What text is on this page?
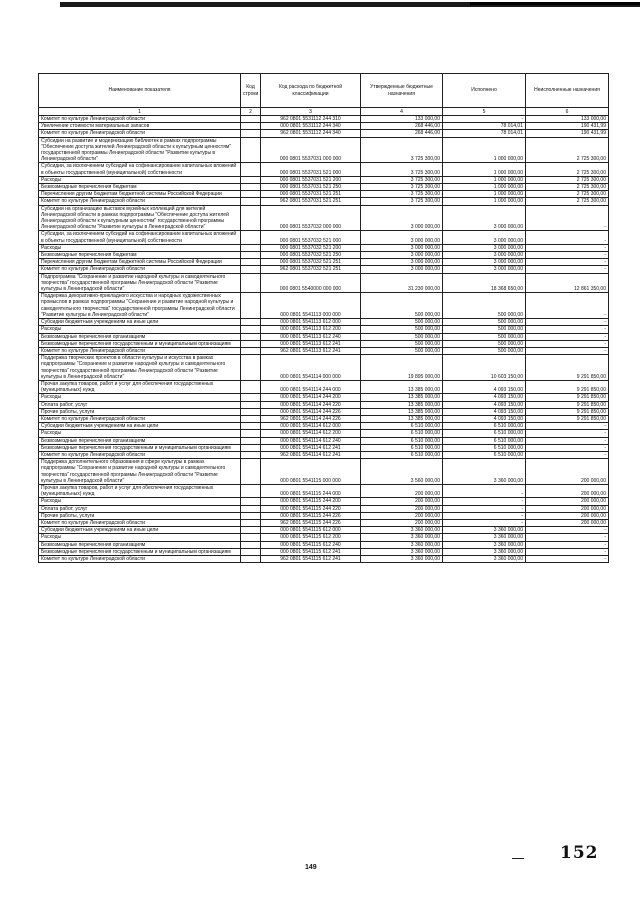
Наименование показателя	Код строки	Код расхода по бюджетной классификации	Утвержденные бюджетные назначения	Исполнено	Неисполненные назначения
1	2	3	4	5	6
Комитет по культуре Ленинградской области		962 0801 5531112 244 310	133 000,00	-	133 000,00
Увеличение стоимости материальных запасов		000 0801 5531112 244 340	268 446,00	78 014,01	190 431,99
Комитет по культуре Ленинградской области		962 0801 5531112 244 340	268 446,00	78 014,01	190 431,99
Субсидии на развитие и модернизацию библиотек в рамках подпрограммы "Обеспечение доступа жителей Ленинградской области к культурным ценностям" государственной программы Ленинградской области "Развитие культуры в Ленинградской области"		000 0801 5537031 000 000	3 725 300,00	1 000 000,00	2 725 300,00
Субсидии, за исключением субсидий на софинансирование капитальных вложений в объекты государственной (муниципальной) собственности		000 0801 5537031 521 000	3 725 300,00	1 000 000,00	2 725 300,00
Расходы		000 0801 5537031 521 200	3 725 300,00	1 000 000,00	2 725 300,00
Безвозмездные перечисления бюджетам		000 0801 5537031 521 250	3 725 300,00	1 000 000,00	2 725 300,00
Перечисления другим бюджетам бюджетной системы Российской Федерации		000 0801 5537031 521 251	3 725 300,00	1 000 000,00	2 725 300,00
Комитет по культуре Ленинградской области		962 0801 5537031 521 251	3 725 300,00	1 000 000,00	2 725 300,00
Субсидии на организацию выставок музейных коллекций для жителей Ленинградской области в рамках подпрограммы "Обеспечение доступа жителей Ленинградской области к культурным ценностям" государственной программы Ленинградской области "Развитие культуры в Ленинградской области"		000 0801 5537032 000 000	3 000 000,00	3 000 000,00	-
Субсидии, за исключением субсидий на софинансирование капитальных вложений в объекты государственной (муниципальной) собственности		000 0801 5537032 521 000	3 000 000,00	3 000 000,00	-
Расходы		000 0801 5537032 521 200	3 000 000,00	3 000 000,00	-
Безвозмездные перечисления бюджетам		000 0801 5537032 521 250	3 000 000,00	3 000 000,00	-
Перечисления другим бюджетам бюджетной системы Российской Федерации		000 0801 5537032 521 251	3 000 000,00	3 000 000,00	-
Комитет по культуре Ленинградской области		962 0801 5537032 521 251	3 000 000,00	3 000 000,00	-
Подпрограмма "Сохранение и развитие народной культуры и самодеятельного творчества" государственной программы Ленинградской области "Развитие культуры в Ленинградской области"		000 0801 5540000 000 000	31 230 000,00	18 368 650,00	12 861 350,00
Поддержка декоративно-прикладного искусства и народных художественных промыслов в рамках подпрограммы "Сохранение и развитие народной культуры и самодеятельного творчества" государственной программы Ленинградской области "Развитие культуры в Ленинградской области"		000 0801 5541113 000 000	500 000,00	500 000,00	-
Субсидии бюджетным учреждениям на иные цели		000 0801 5541113 612 000	500 000,00	500 000,00	-
Расходы		000 0801 5541113 612 200	500 000,00	500 000,00	-
Безвозмездные перечисления организациям		000 0801 5541113 612 240	500 000,00	500 000,00	-
Безвозмездные перечисления государственным и муниципальным организациям		000 0801 5541113 612 241	500 000,00	500 000,00	-
Комитет по культуре Ленинградской области		962 0801 5541113 612 241	500 000,00	500 000,00	-
Поддержка творческих проектов в области культуры и искусства в рамках подпрограммы "Сохранение и развитие народной культуры и самодеятельного творчества" государственной программы Ленинградской области "Развитие культуры в Ленинградской области"		000 0801 5541114 000 000	19 895 000,00	10 603 150,00	9 291 850,00
Прочая закупка товаров, работ и услуг для обеспечения государственных (муниципальных) нужд		000 0801 5541114 244 000	13 385 000,00	4 093 150,00	9 291 850,00
Расходы		000 0801 5541114 244 200	13 385 000,00	4 093 150,00	9 291 850,00
Оплата работ, услуг		000 0801 5541114 244 220	13 385 000,00	4 093 150,00	9 291 850,00
Прочие работы, услуги		000 0801 5541114 244 226	13 385 000,00	4 093 150,00	9 291 850,00
Комитет по культуре Ленинградской области		962 0801 5541114 244 226	13 385 000,00	4 093 150,00	9 291 850,00
Субсидии бюджетным учреждениям на иные цели		000 0801 5541114 612 000	6 510 000,00	6 510 000,00	-
Расходы		000 0801 5541114 612 200	6 510 000,00	6 510 000,00	-
Безвозмездные перечисления организациям		000 0801 5541114 612 240	6 510 000,00	6 510 000,00	-
Безвозмездные перечисления государственным и муниципальным организациям		000 0801 5541114 612 241	6 510 000,00	6 510 000,00	-
Комитет по культуре Ленинградской области		962 0801 5541114 612 241	6 510 000,00	6 510 000,00	-
Поддержка дополнительного образования в сфере культуры в рамках подпрограммы "Сохранение и развитие народной культуры и самодеятельного творчества" государственной программы Ленинградской области "Развитие культуры в Ленинградской области"		000 0801 5541115 000 000	3 560 000,00	3 360 000,00	200 000,00
Прочая закупка товаров, работ и услуг для обеспечения государственных (муниципальных) нужд		000 0801 5541115 244 000	200 000,00	-	200 000,00
Расходы		000 0801 5541115 244 200	200 000,00	-	200 000,00
Оплата работ, услуг		000 0801 5541115 244 220	200 000,00	-	200 000,00
Прочие работы, услуги		000 0801 5541115 244 226	200 000,00	-	200 000,00
Комитет по культуре Ленинградской области		962 0801 5541115 244 226	200 000,00	-	200 000,00
Субсидии бюджетным учреждениям на иные цели		000 0801 5541115 612 000	3 360 000,00	3 360 000,00	-
Расходы		000 0801 5541115 612 200	3 360 000,00	3 360 000,00	-
Безвозмездные перечисления организациям		000 0801 5541115 612 240	3 360 000,00	3 360 000,00	-
Безвозмездные перечисления государственным и муниципальным организациям		000 0801 5541115 612 241	3 360 000,00	3 360 000,00	-
Комитет по культуре Ленинградской области		962 0801 5541115 612 241	3 360 000,00	3 360 000,00	-
149
152
